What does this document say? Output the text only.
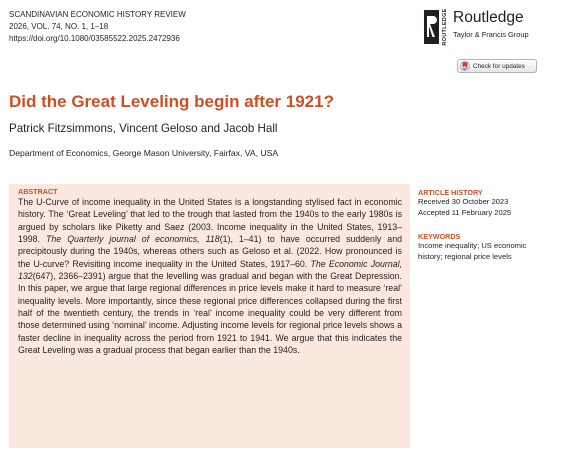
SCANDINAVIAN ECONOMIC HISTORY REVIEW
2026, VOL. 74, NO. 1, 1–18
https://doi.org/10.1080/03585522.2025.2472936	ROUTLEDGE Routledge
Taylor & Francis Group
Check for updates
Did the Great Leveling begin after 1921?
Patrick Fitzsimmons, Vincent Geloso and Jacob Hall
Department of Economics, George Mason University, Fairfax, VA, USA
ABSTRACT
The U-Curve of income inequality in the United States is a longstanding stylised fact in economic history. The ‘Great Leveling’ that led to the trough that lasted from the 1940s to the early 1980s is argued by scholars like Piketty and Saez (2003. Income inequality in the United States, 1913–1998. The Quarterly journal of economics, 118(1), 1–41) to have occurred suddenly and precipitously during the 1940s, whereas others such as Geloso et al. (2022. How pronounced is the U-curve? Revisiting income inequality in the United States, 1917–60. The Economic Journal, 132(647), 2366–2391) argue that the levelling was gradual and began with the Great Depression. In this paper, we argue that large regional differences in price levels make it hard to measure ‘real’ inequality levels. More importantly, since these regional price differences collapsed during the first half of the twentieth century, the trends in ‘real’ income inequality could be very different from those determined using ‘nominal’ income. Adjusting income levels for regional price levels shows a faster decline in inequality across the period from 1921 to 1941. We argue that this indicates the Great Leveling was a gradual process that began earlier than the 1940s.
ARTICLE HISTORY
Received 30 October 2023
Accepted 11 February 2025
KEYWORDS
Income inequality; US economic history; regional price levels
